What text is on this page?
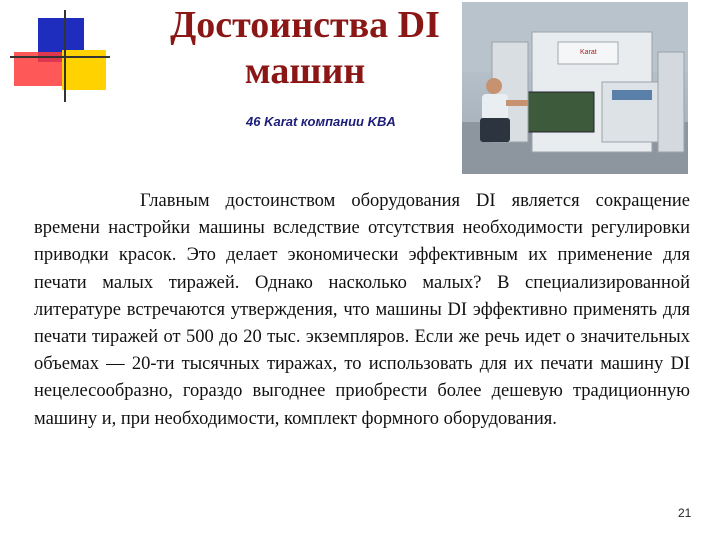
Достоинства DI
машин

46 Karat компании KBA

Karat

Главным достоинством оборудования DI является сокращение времени настройки машины вследствие отсутствия необходимости регулировки приводки красок. Это делает экономически эффективным их применение для печати малых тиражей. Однако насколько малых? В специализированной литературе встречаются утверждения, что машины DI эффективно применять для печати тиражей от 500 до 20 тыс. экземпляров. Если же речь идет о значительных объемах — 20-ти тысячных тиражах, то использовать для их печати машину DI нецелесообразно, гораздо выгоднее приобрести более дешевую традиционную машину и, при необходимости, комплект формного оборудования.

21
